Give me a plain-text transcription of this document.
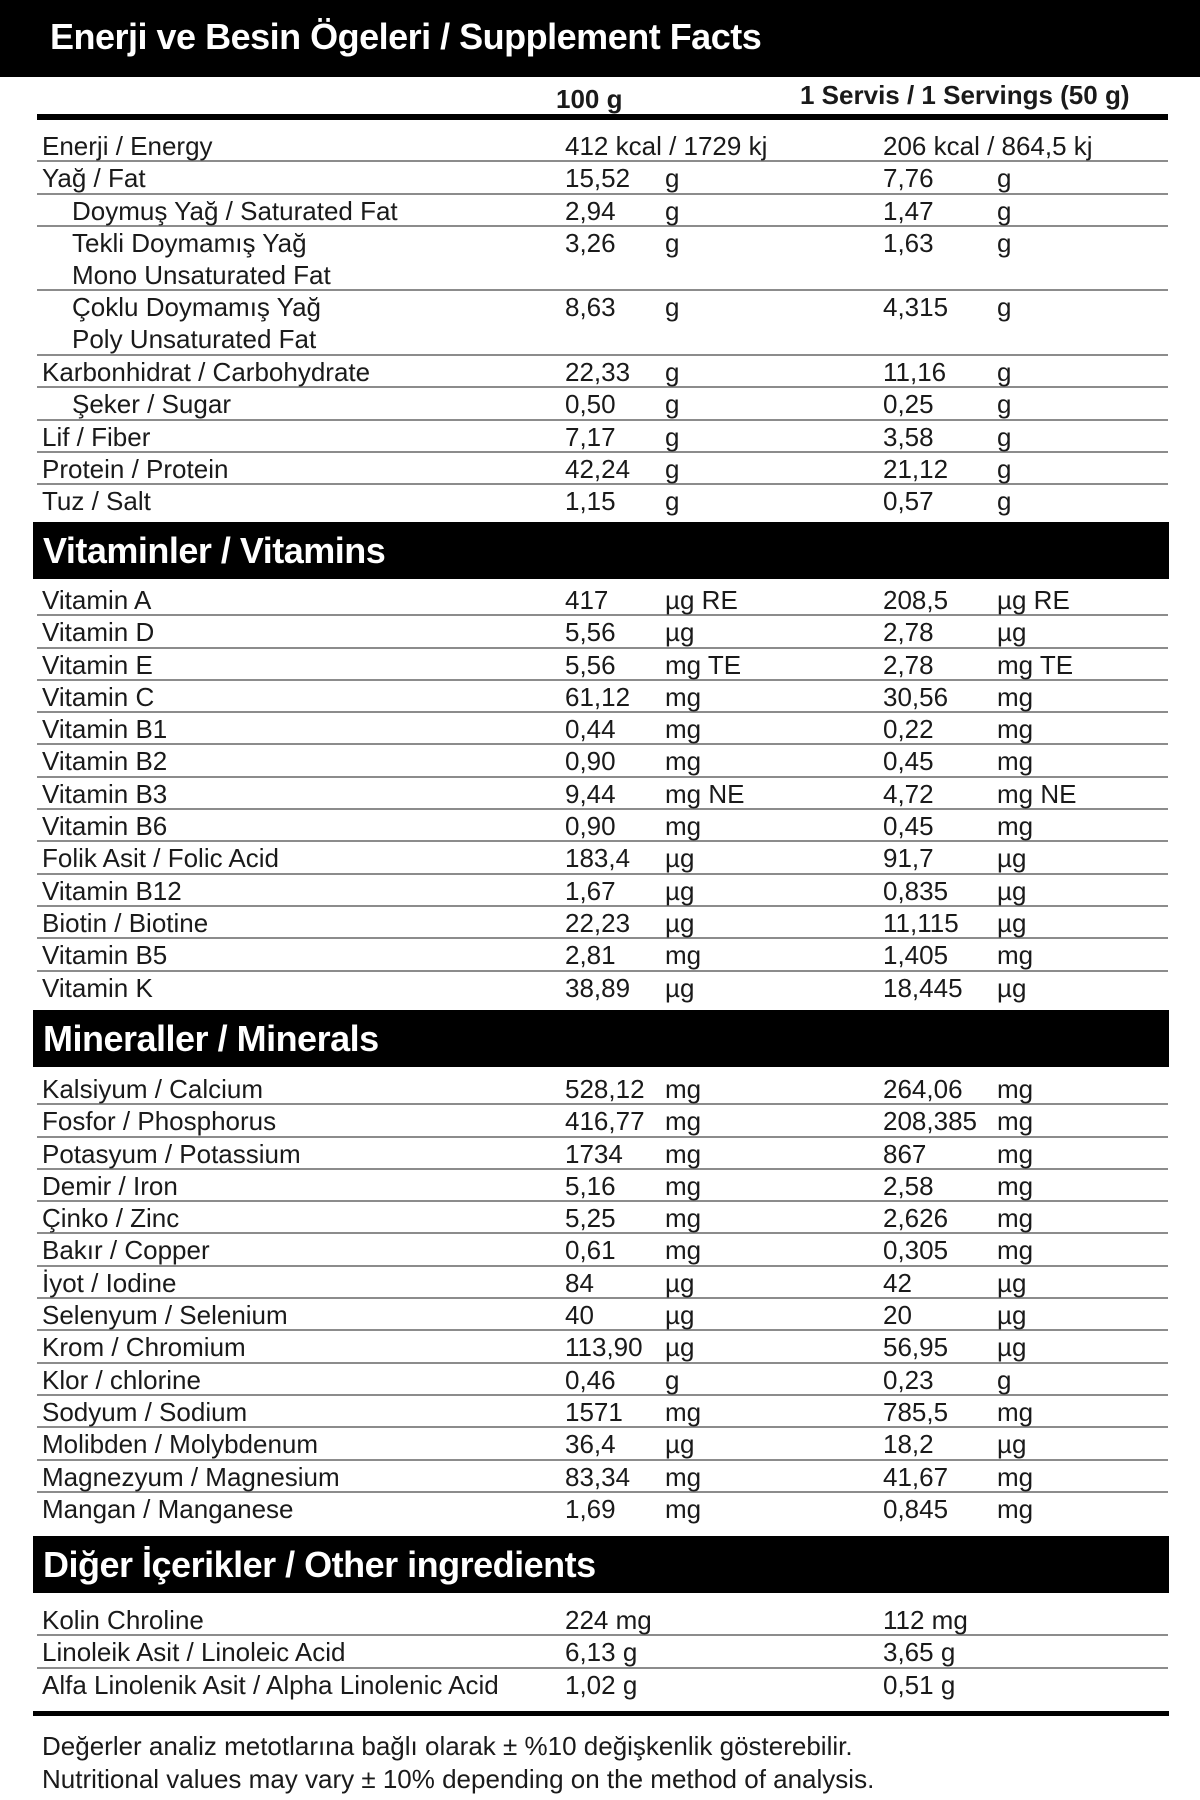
Enerji ve Besin Ögeleri / Supplement Facts
100 g	1 Servis / 1 Servings (50 g)
Enerji / Energy	412 kcal / 1729 kj	206 kcal / 864,5 kj
Yağ / Fat	15,52 g	7,76 g
Doymuş Yağ / Saturated Fat	2,94 g	1,47 g
Tekli Doymamış Yağ
Mono Unsaturated Fat
3,26 g	1,63 g
Çoklu Doymamış Yağ
Poly Unsaturated Fat
8,63 g	4,315 g
Karbonhidrat / Carbohydrate	22,33 g	11,16 g
Şeker / Sugar	0,50 g	0,25 g
Lif / Fiber	7,17 g	3,58 g
Protein / Protein	42,24 g	21,12 g
Tuz / Salt	1,15 g	0,57 g
Vitaminler / Vitamins
Vitamin A	417 µg RE	208,5 µg RE
Vitamin D	5,56 µg	2,78 µg
Vitamin E	5,56 mg TE	2,78 mg TE
Vitamin C	61,12 mg	30,56 mg
Vitamin B1	0,44 mg	0,22 mg
Vitamin B2	0,90 mg	0,45 mg
Vitamin B3	9,44 mg NE	4,72 mg NE
Vitamin B6	0,90 mg	0,45 mg
Folik Asit / Folic Acid	183,4 µg	91,7 µg
Vitamin B12	1,67 µg	0,835 µg
Biotin / Biotine	22,23 µg	11,115 µg
Vitamin B5	2,81 mg	1,405 mg
Vitamin K	38,89 µg	18,445 µg
Mineraller / Minerals
Kalsiyum / Calcium	528,12 mg	264,06 mg
Fosfor / Phosphorus	416,77 mg	208,385 mg
Potasyum / Potassium	1734 mg	867	mg
Demir / Iron	5,16 mg	2,58 mg
Çinko / Zinc	5,25 mg	2,626 mg
Bakır / Copper	0,61 mg	0,305 mg
İyot / Iodine	84	µg	42	µg
Selenyum / Selenium	40	µg	20	µg
Krom / Chromium	113,90 µg	56,95 µg
Klor / chlorine	0,46 g	0,23 g
Sodyum / Sodium	1571 mg	785,5 mg
Molibden / Molybdenum	36,4 µg	18,2 µg
Magnezyum / Magnesium	83,34 mg	41,67 mg
Mangan / Manganese	1,69 mg	0,845 mg
Diğer İçerikler / Other ingredients
Kolin Chroline	224 mg	112 mg
Linoleik Asit / Linoleic Acid	6,13 g	3,65 g
Alfa Linolenik Asit / Alpha Linolenic Acid	1,02 g	0,51 g
Değerler analiz metotlarına bağlı olarak ± %10 değişkenlik gösterebilir.
Nutritional values may vary ± 10% depending on the method of analysis.
